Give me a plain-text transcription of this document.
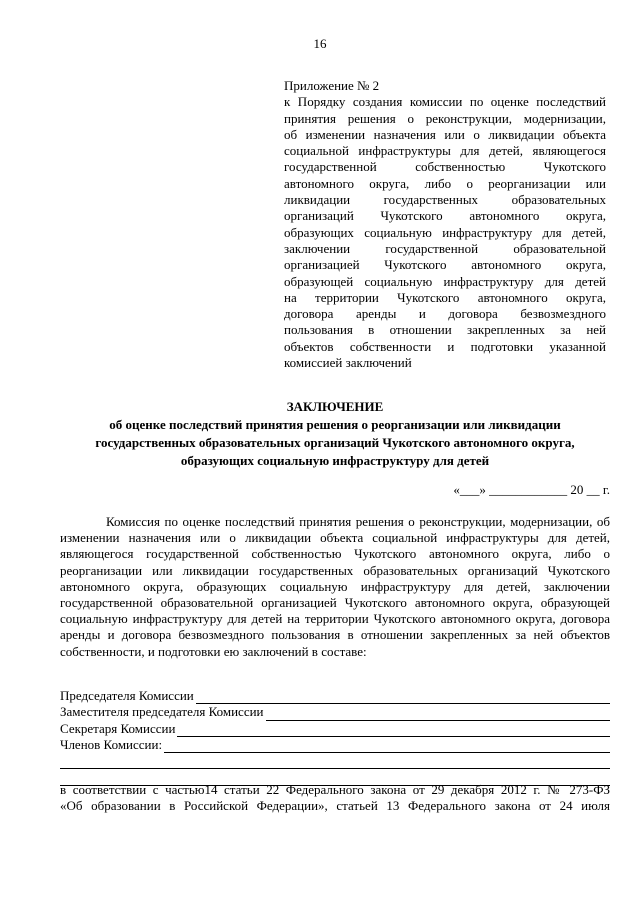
16
Приложение № 2
к Порядку создания комиссии по оценке последствий
принятия решения о реконструкции, модернизации,
об изменении назначения или о ликвидации объекта
социальной инфраструктуры для детей, являющегося
государственной собственностью Чукотского
автономного округа, либо о реорганизации или
ликвидации государственных образовательных
организаций Чукотского автономного округа,
образующих социальную инфраструктуру для детей,
заключении государственной образовательной
организацией Чукотского автономного округа,
образующей социальную инфраструктуру для детей
на территории Чукотского автономного округа,
договора аренды и договора безвозмездного
пользования в отношении закрепленных за ней
объектов собственности и подготовки указанной
комиссией заключений
ЗАКЛЮЧЕНИЕ
об оценке последствий принятия решения о реорганизации или ликвидации
государственных образовательных организаций Чукотского автономного округа,
образующих социальную инфраструктуру для детей
«___» ____________ 20 __ г.
Комиссия по оценке последствий принятия решения о реконструкции, модернизации, об изменении назначения или о ликвидации объекта социальной инфраструктуры для детей, являющегося государственной собственностью Чукотского автономного округа, либо о реорганизации или ликвидации государственных образовательных организаций Чукотского автономного округа, образующих социальную инфраструктуру для детей, заключении государственной образовательной организацией Чукотского автономного округа, образующей социальную инфраструктуру для детей на территории Чукотского автономного округа, договора аренды и договора безвозмездного пользования в отношении закрепленных за ней объектов собственности, и подготовки ею заключений в составе:
Председателя Комиссии
Заместителя председателя Комиссии
Секретаря Комиссии
Членов Комиссии:
в соответствии с частью14 статьи 22 Федерального закона от 29 декабря 2012 г. № 273-ФЗ
«Об образовании в Российской Федерации», статьей 13 Федерального закона от 24 июля
